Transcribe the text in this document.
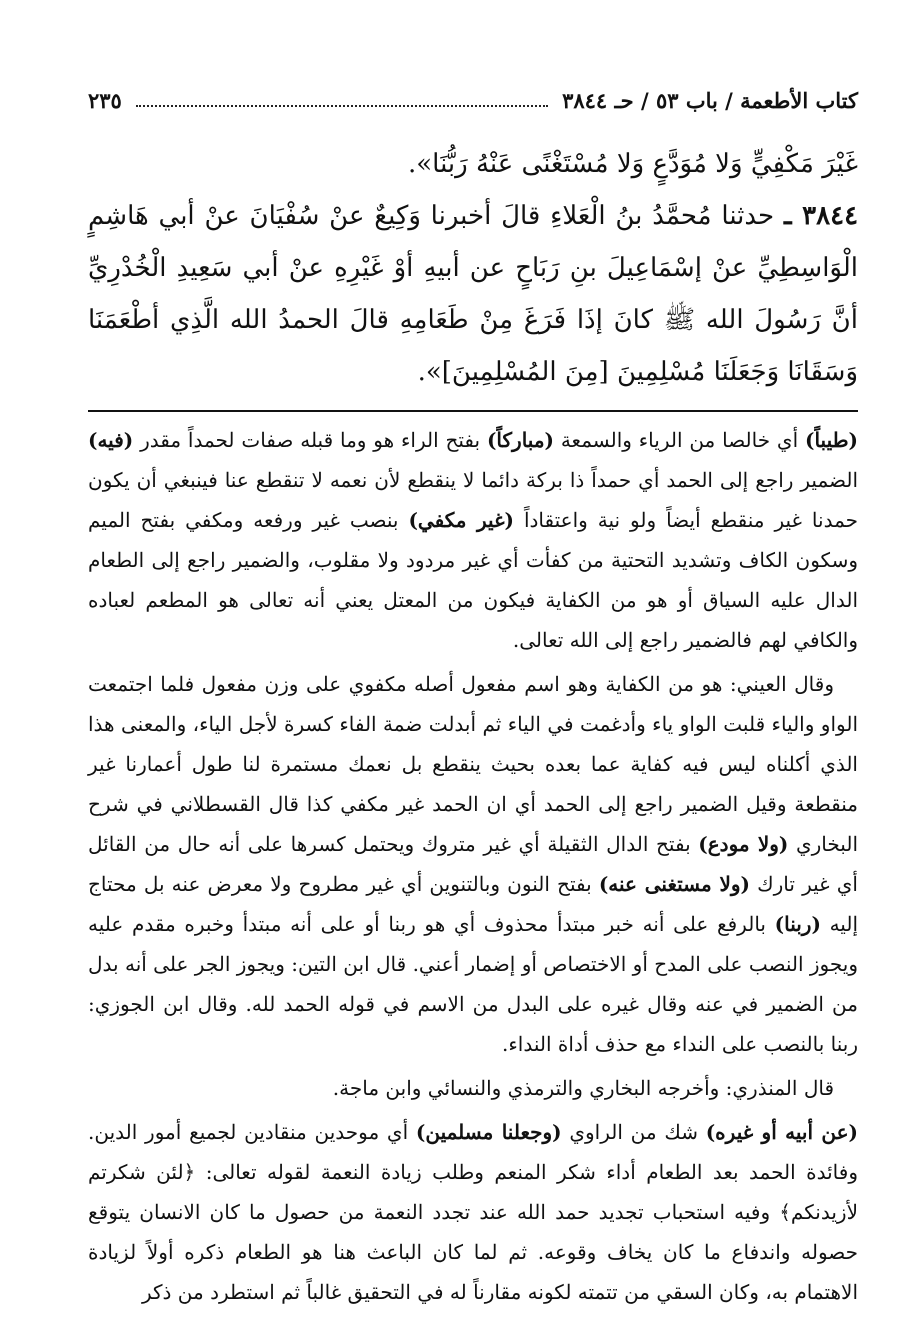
كتاب الأطعمة / باب ٥٣ / حـ ٣٨٤٤
٢٣٥

غَيْرَ مَكْفِيٍّ وَلا مُوَدَّعٍ وَلا مُسْتَغْنًى عَنْهُ رَبُّنَا».

٣٨٤٤ ـ حدثنا مُحمَّدُ بنُ الْعَلاءِ قالَ أخبرنا وَكِيعٌ عنْ سُفْيَانَ عنْ أبي هَاشِمٍ الْوَاسِطِيِّ عنْ إسْمَاعِيلَ بنِ رَبَاحٍ عن أبيهِ أوْ غَيْرِهِ عنْ أبي سَعِيدِ الْخُدْرِيِّ أنَّ رَسُولَ الله ﷺ كانَ إذَا فَرَغَ مِنْ طَعَامِهِ قالَ الحمدُ الله الَّذِي أطْعَمَنَا وَسَقَانَا وَجَعَلَنَا مُسْلِمِينَ [مِنَ المُسْلِمِينَ]».

(طيباً) أي خالصا من الرياء والسمعة (مباركاً) بفتح الراء هو وما قبله صفات لحمداً مقدر (فيه) الضمير راجع إلى الحمد أي حمداً ذا بركة دائما لا ينقطع لأن نعمه لا تنقطع عنا فينبغي أن يكون حمدنا غير منقطع أيضاً ولو نية واعتقاداً (غير مكفي) بنصب غير ورفعه ومكفي بفتح الميم وسكون الكاف وتشديد التحتية من كفأت أي غير مردود ولا مقلوب، والضمير راجع إلى الطعام الدال عليه السياق أو هو من الكفاية فيكون من المعتل يعني أنه تعالى هو المطعم لعباده والكافي لهم فالضمير راجع إلى الله تعالى.

وقال العيني: هو من الكفاية وهو اسم مفعول أصله مكفوي على وزن مفعول فلما اجتمعت الواو والياء قلبت الواو ياء وأدغمت في الياء ثم أبدلت ضمة الفاء كسرة لأجل الياء، والمعنى هذا الذي أكلناه ليس فيه كفاية عما بعده بحيث ينقطع بل نعمك مستمرة لنا طول أعمارنا غير منقطعة وقيل الضمير راجع إلى الحمد أي ان الحمد غير مكفي كذا قال القسطلاني في شرح البخاري (ولا مودع) بفتح الدال الثقيلة أي غير متروك ويحتمل كسرها على أنه حال من القائل أي غير تارك (ولا مستغنى عنه) بفتح النون وبالتنوين أي غير مطروح ولا معرض عنه بل محتاج إليه (ربنا) بالرفع على أنه خبر مبتدأ محذوف أي هو ربنا أو على أنه مبتدأ وخبره مقدم عليه ويجوز النصب على المدح أو الاختصاص أو إضمار أعني. قال ابن التين: ويجوز الجر على أنه بدل من الضمير في عنه وقال غيره على البدل من الاسم في قوله الحمد لله. وقال ابن الجوزي: ربنا بالنصب على النداء مع حذف أداة النداء.

قال المنذري: وأخرجه البخاري والترمذي والنسائي وابن ماجة.

(عن أبيه أو غيره) شك من الراوي (وجعلنا مسلمين) أي موحدين منقادين لجميع أمور الدين. وفائدة الحمد بعد الطعام أداء شكر المنعم وطلب زيادة النعمة لقوله تعالى: ﴿لئن شكرتم لأزيدنكم﴾ وفيه استحباب تجديد حمد الله عند تجدد النعمة من حصول ما كان الانسان يتوقع حصوله واندفاع ما كان يخاف وقوعه. ثم لما كان الباعث هنا هو الطعام ذكره أولاً لزيادة الاهتمام به، وكان السقي من تتمته لكونه مقارناً له في التحقيق غالباً ثم استطرد من ذكر
